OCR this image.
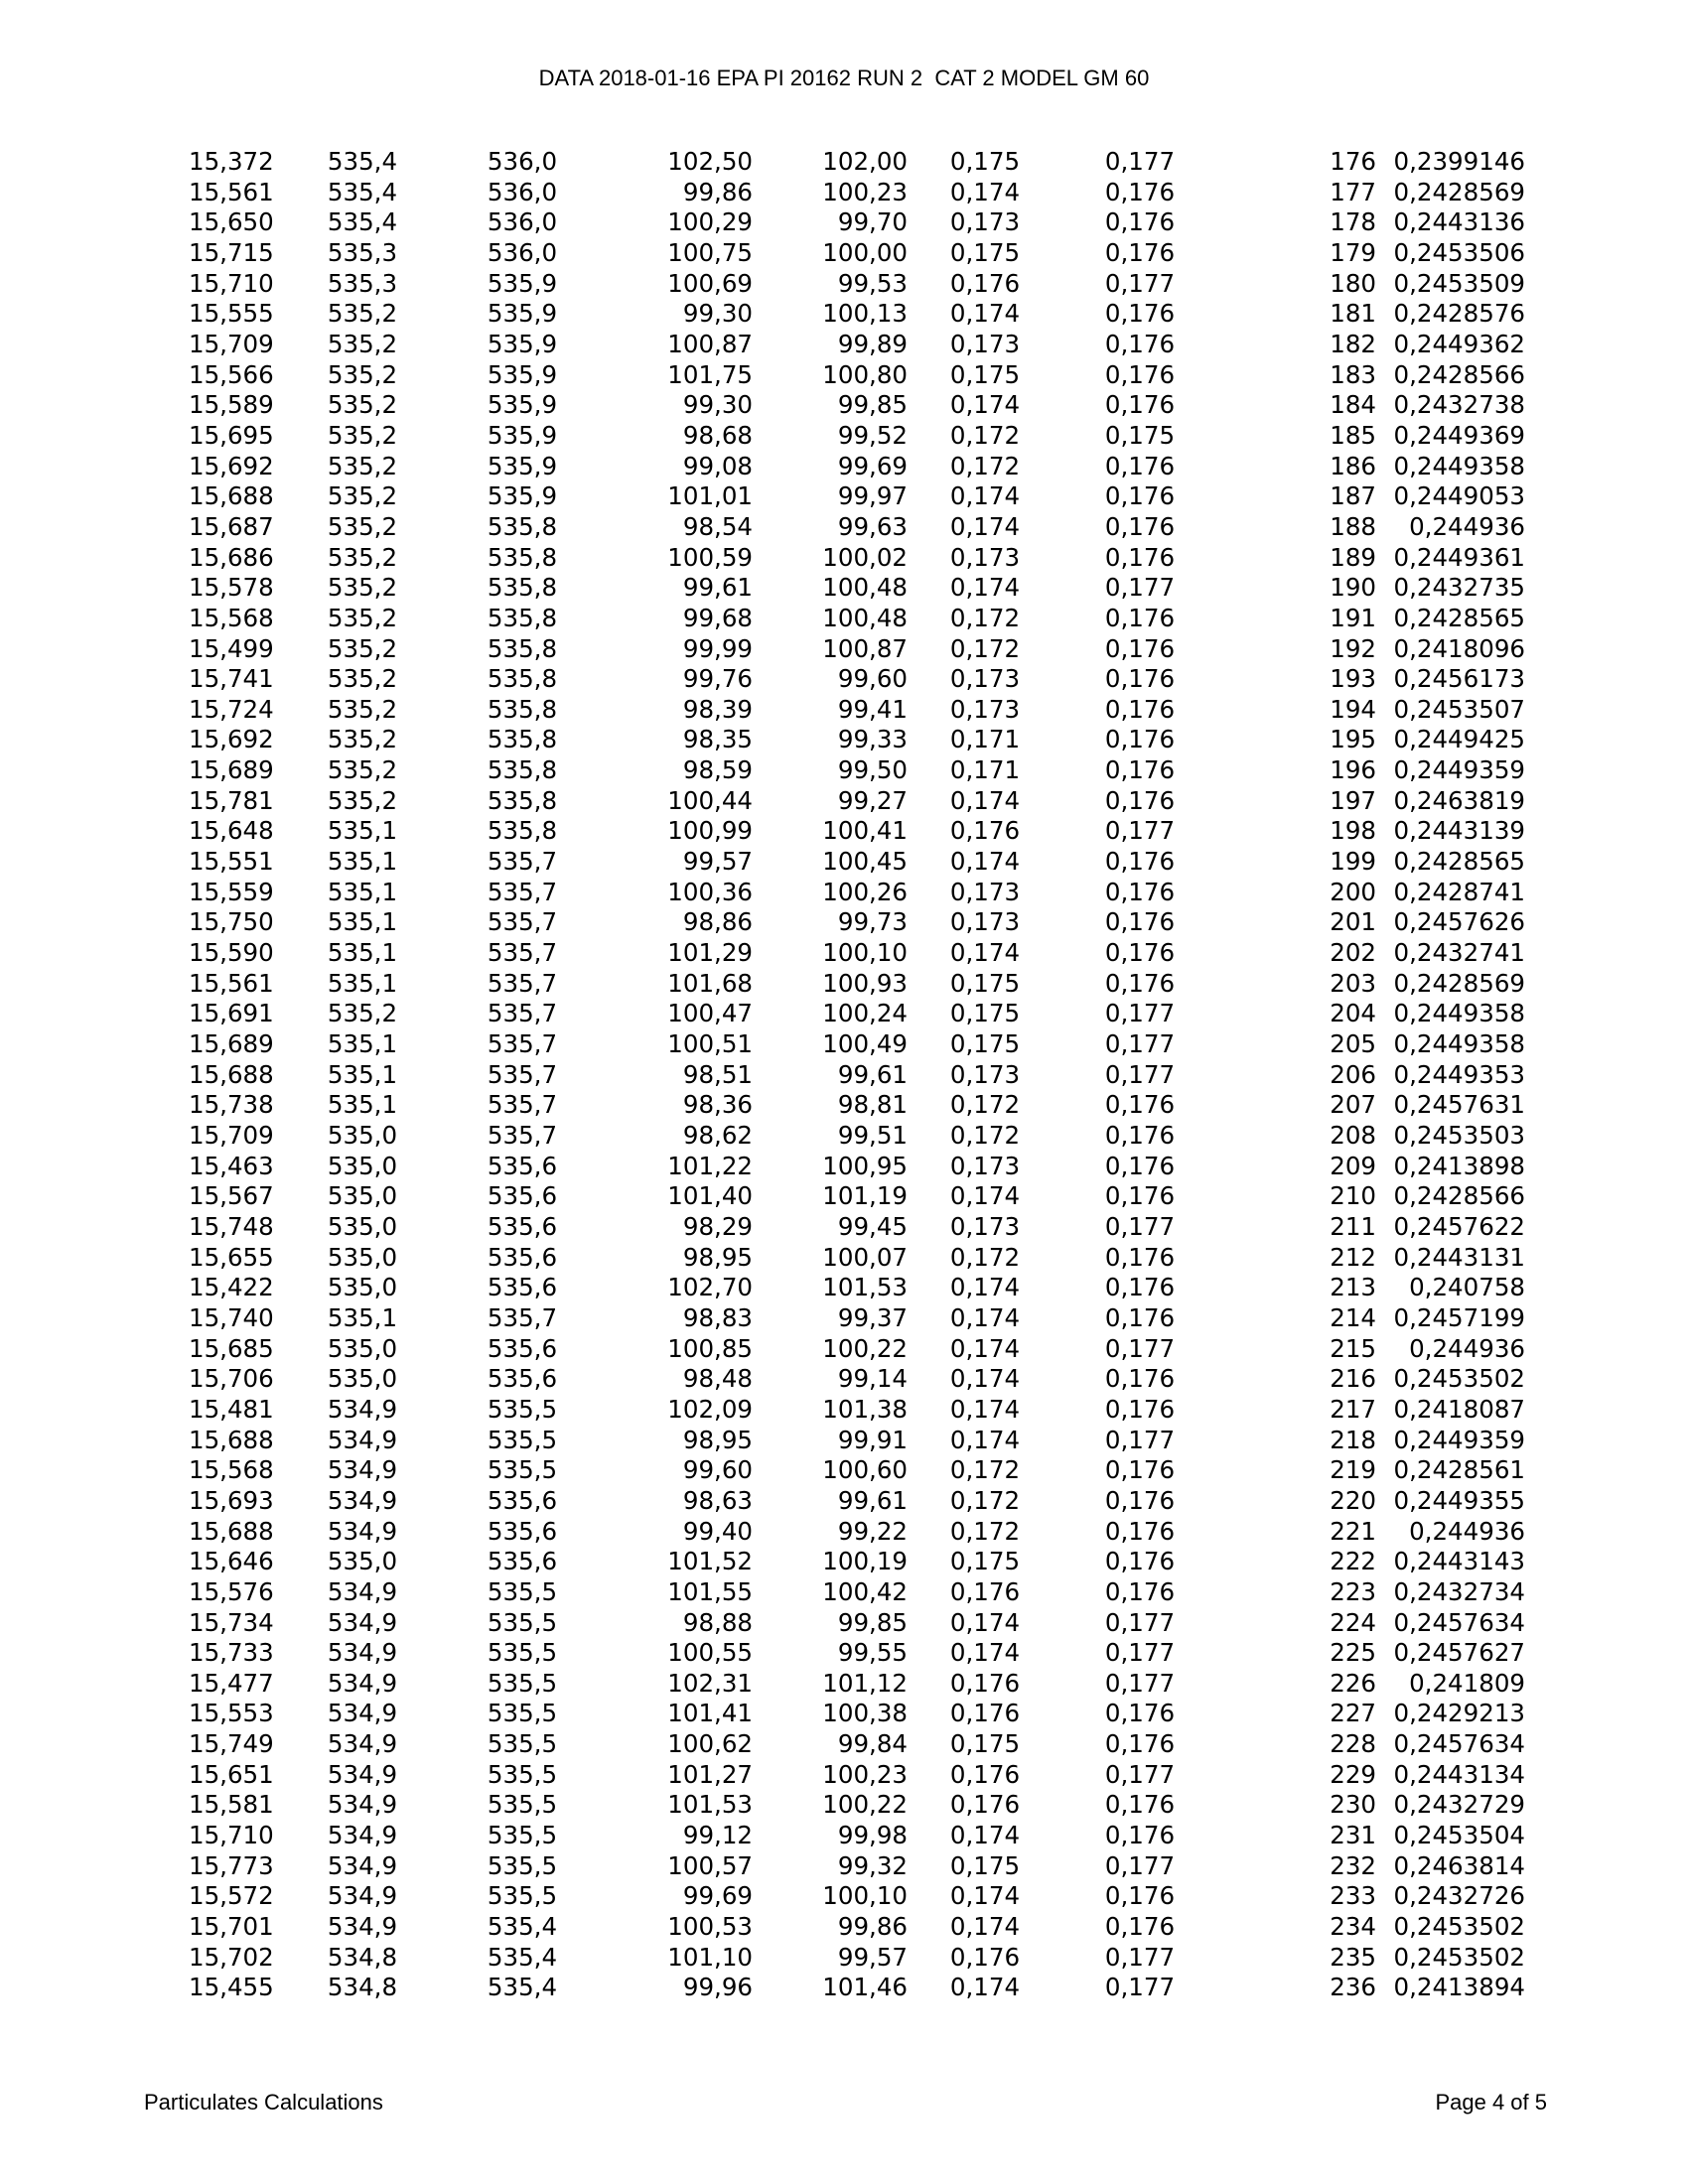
DATA 2018-01-16 EPA PI 20162 RUN 2  CAT 2 MODEL GM 60
15,372	535,4	536,0	102,50	102,00	0,175	0,177	176	0,2399146
15,561	535,4	536,0	99,86	100,23	0,174	0,176	177	0,2428569
15,650	535,4	536,0	100,29	99,70	0,173	0,176	178	0,2443136
15,715	535,3	536,0	100,75	100,00	0,175	0,176	179	0,2453506
15,710	535,3	535,9	100,69	99,53	0,176	0,177	180	0,2453509
15,555	535,2	535,9	99,30	100,13	0,174	0,176	181	0,2428576
15,709	535,2	535,9	100,87	99,89	0,173	0,176	182	0,2449362
15,566	535,2	535,9	101,75	100,80	0,175	0,176	183	0,2428566
15,589	535,2	535,9	99,30	99,85	0,174	0,176	184	0,2432738
15,695	535,2	535,9	98,68	99,52	0,172	0,175	185	0,2449369
15,692	535,2	535,9	99,08	99,69	0,172	0,176	186	0,2449358
15,688	535,2	535,9	101,01	99,97	0,174	0,176	187	0,2449053
15,687	535,2	535,8	98,54	99,63	0,174	0,176	188	0,244936
15,686	535,2	535,8	100,59	100,02	0,173	0,176	189	0,2449361
15,578	535,2	535,8	99,61	100,48	0,174	0,177	190	0,2432735
15,568	535,2	535,8	99,68	100,48	0,172	0,176	191	0,2428565
15,499	535,2	535,8	99,99	100,87	0,172	0,176	192	0,2418096
15,741	535,2	535,8	99,76	99,60	0,173	0,176	193	0,2456173
15,724	535,2	535,8	98,39	99,41	0,173	0,176	194	0,2453507
15,692	535,2	535,8	98,35	99,33	0,171	0,176	195	0,2449425
15,689	535,2	535,8	98,59	99,50	0,171	0,176	196	0,2449359
15,781	535,2	535,8	100,44	99,27	0,174	0,176	197	0,2463819
15,648	535,1	535,8	100,99	100,41	0,176	0,177	198	0,2443139
15,551	535,1	535,7	99,57	100,45	0,174	0,176	199	0,2428565
15,559	535,1	535,7	100,36	100,26	0,173	0,176	200	0,2428741
15,750	535,1	535,7	98,86	99,73	0,173	0,176	201	0,2457626
15,590	535,1	535,7	101,29	100,10	0,174	0,176	202	0,2432741
15,561	535,1	535,7	101,68	100,93	0,175	0,176	203	0,2428569
15,691	535,2	535,7	100,47	100,24	0,175	0,177	204	0,2449358
15,689	535,1	535,7	100,51	100,49	0,175	0,177	205	0,2449358
15,688	535,1	535,7	98,51	99,61	0,173	0,177	206	0,2449353
15,738	535,1	535,7	98,36	98,81	0,172	0,176	207	0,2457631
15,709	535,0	535,7	98,62	99,51	0,172	0,176	208	0,2453503
15,463	535,0	535,6	101,22	100,95	0,173	0,176	209	0,2413898
15,567	535,0	535,6	101,40	101,19	0,174	0,176	210	0,2428566
15,748	535,0	535,6	98,29	99,45	0,173	0,177	211	0,2457622
15,655	535,0	535,6	98,95	100,07	0,172	0,176	212	0,2443131
15,422	535,0	535,6	102,70	101,53	0,174	0,176	213	0,240758
15,740	535,1	535,7	98,83	99,37	0,174	0,176	214	0,2457199
15,685	535,0	535,6	100,85	100,22	0,174	0,177	215	0,244936
15,706	535,0	535,6	98,48	99,14	0,174	0,176	216	0,2453502
15,481	534,9	535,5	102,09	101,38	0,174	0,176	217	0,2418087
15,688	534,9	535,5	98,95	99,91	0,174	0,177	218	0,2449359
15,568	534,9	535,5	99,60	100,60	0,172	0,176	219	0,2428561
15,693	534,9	535,6	98,63	99,61	0,172	0,176	220	0,2449355
15,688	534,9	535,6	99,40	99,22	0,172	0,176	221	0,244936
15,646	535,0	535,6	101,52	100,19	0,175	0,176	222	0,2443143
15,576	534,9	535,5	101,55	100,42	0,176	0,176	223	0,2432734
15,734	534,9	535,5	98,88	99,85	0,174	0,177	224	0,2457634
15,733	534,9	535,5	100,55	99,55	0,174	0,177	225	0,2457627
15,477	534,9	535,5	102,31	101,12	0,176	0,177	226	0,241809
15,553	534,9	535,5	101,41	100,38	0,176	0,176	227	0,2429213
15,749	534,9	535,5	100,62	99,84	0,175	0,176	228	0,2457634
15,651	534,9	535,5	101,27	100,23	0,176	0,177	229	0,2443134
15,581	534,9	535,5	101,53	100,22	0,176	0,176	230	0,2432729
15,710	534,9	535,5	99,12	99,98	0,174	0,176	231	0,2453504
15,773	534,9	535,5	100,57	99,32	0,175	0,177	232	0,2463814
15,572	534,9	535,5	99,69	100,10	0,174	0,176	233	0,2432726
15,701	534,9	535,4	100,53	99,86	0,174	0,176	234	0,2453502
15,702	534,8	535,4	101,10	99,57	0,176	0,177	235	0,2453502
15,455	534,8	535,4	99,96	101,46	0,174	0,177	236	0,2413894
Particulates Calculations	Page 4 of 5
